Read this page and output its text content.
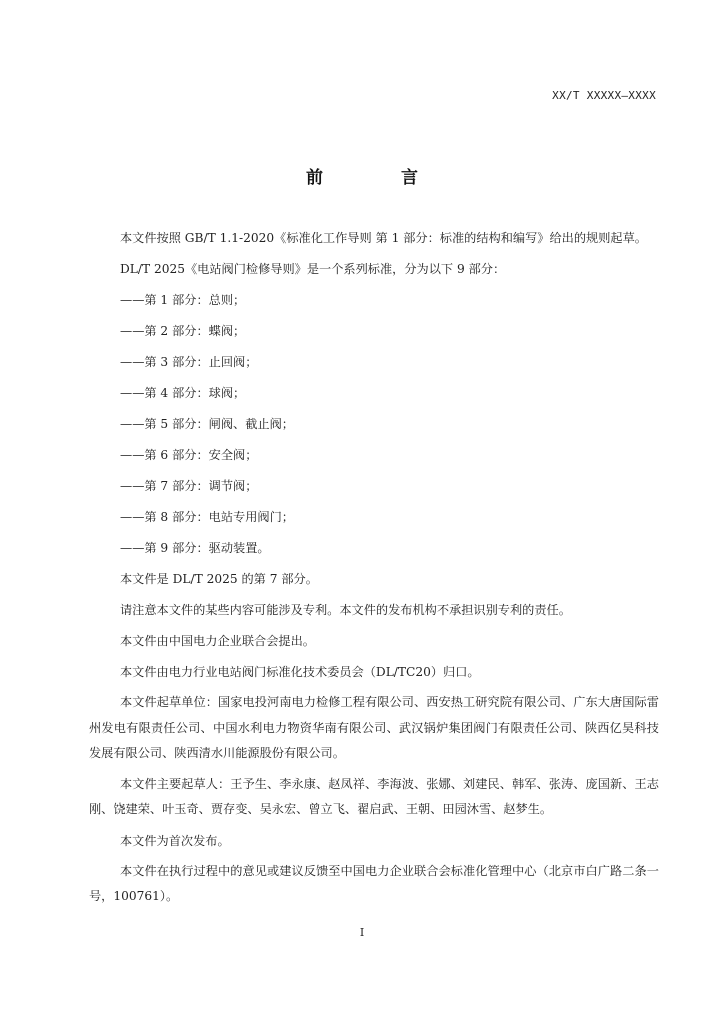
XX/T XXXXX—XXXX
前 言

本文件按照 GB/T 1.1-2020《标准化工作导则 第 1 部分：标准的结构和编写》给出的规则起草。

DL/T 2025《电站阀门检修导则》是一个系列标准，分为以下 9 部分：

——第 1 部分：总则；

——第 2 部分：蝶阀；

——第 3 部分：止回阀；

——第 4 部分：球阀；

——第 5 部分：闸阀、截止阀；

——第 6 部分：安全阀；

——第 7 部分：调节阀；

——第 8 部分：电站专用阀门；

——第 9 部分：驱动装置。

本文件是 DL/T 2025 的第 7 部分。

请注意本文件的某些内容可能涉及专利。本文件的发布机构不承担识别专利的责任。

本文件由中国电力企业联合会提出。

本文件由电力行业电站阀门标准化技术委员会（DL/TC20）归口。

本文件起草单位：国家电投河南电力检修工程有限公司、西安热工研究院有限公司、广东大唐国际雷州发电有限责任公司、中国水利电力物资华南有限公司、武汉锅炉集团阀门有限责任公司、陕西亿昊科技发展有限公司、陕西清水川能源股份有限公司。

本文件主要起草人：王予生、李永康、赵凤祥、李海波、张娜、刘建民、韩军、张涛、庞国新、王志刚、饶建荣、叶玉奇、贾存变、吴永宏、曾立飞、翟启武、王朝、田园沐雪、赵梦生。

本文件为首次发布。

本文件在执行过程中的意见或建议反馈至中国电力企业联合会标准化管理中心（北京市白广路二条一号，100761）。

I
